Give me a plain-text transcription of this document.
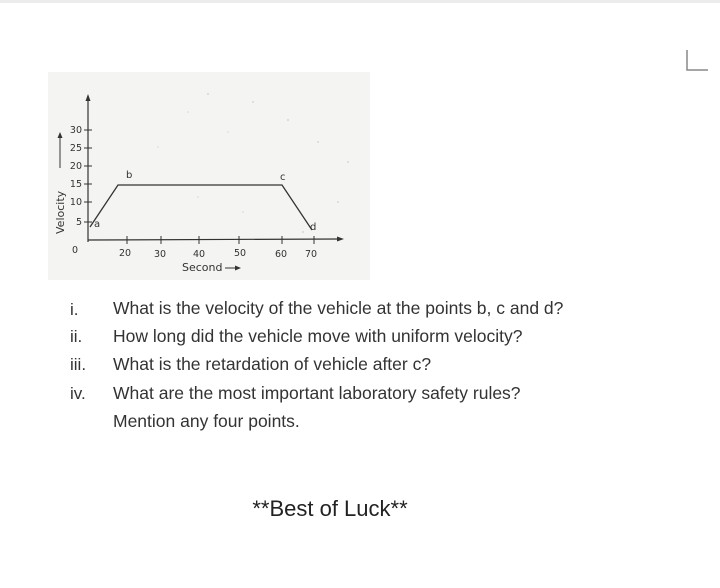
Velocity
30
25
20
15
10
5
0	20 30	40	50	60 70
Second
a
b	c
d
i. What is the velocity of the vehicle at the points b, c and d?
ii. How long did the vehicle move with uniform velocity?
iii. What is the retardation of vehicle after c?
iv. What are the most important laboratory safety rules?
Mention any four points.
**Best of Luck**
